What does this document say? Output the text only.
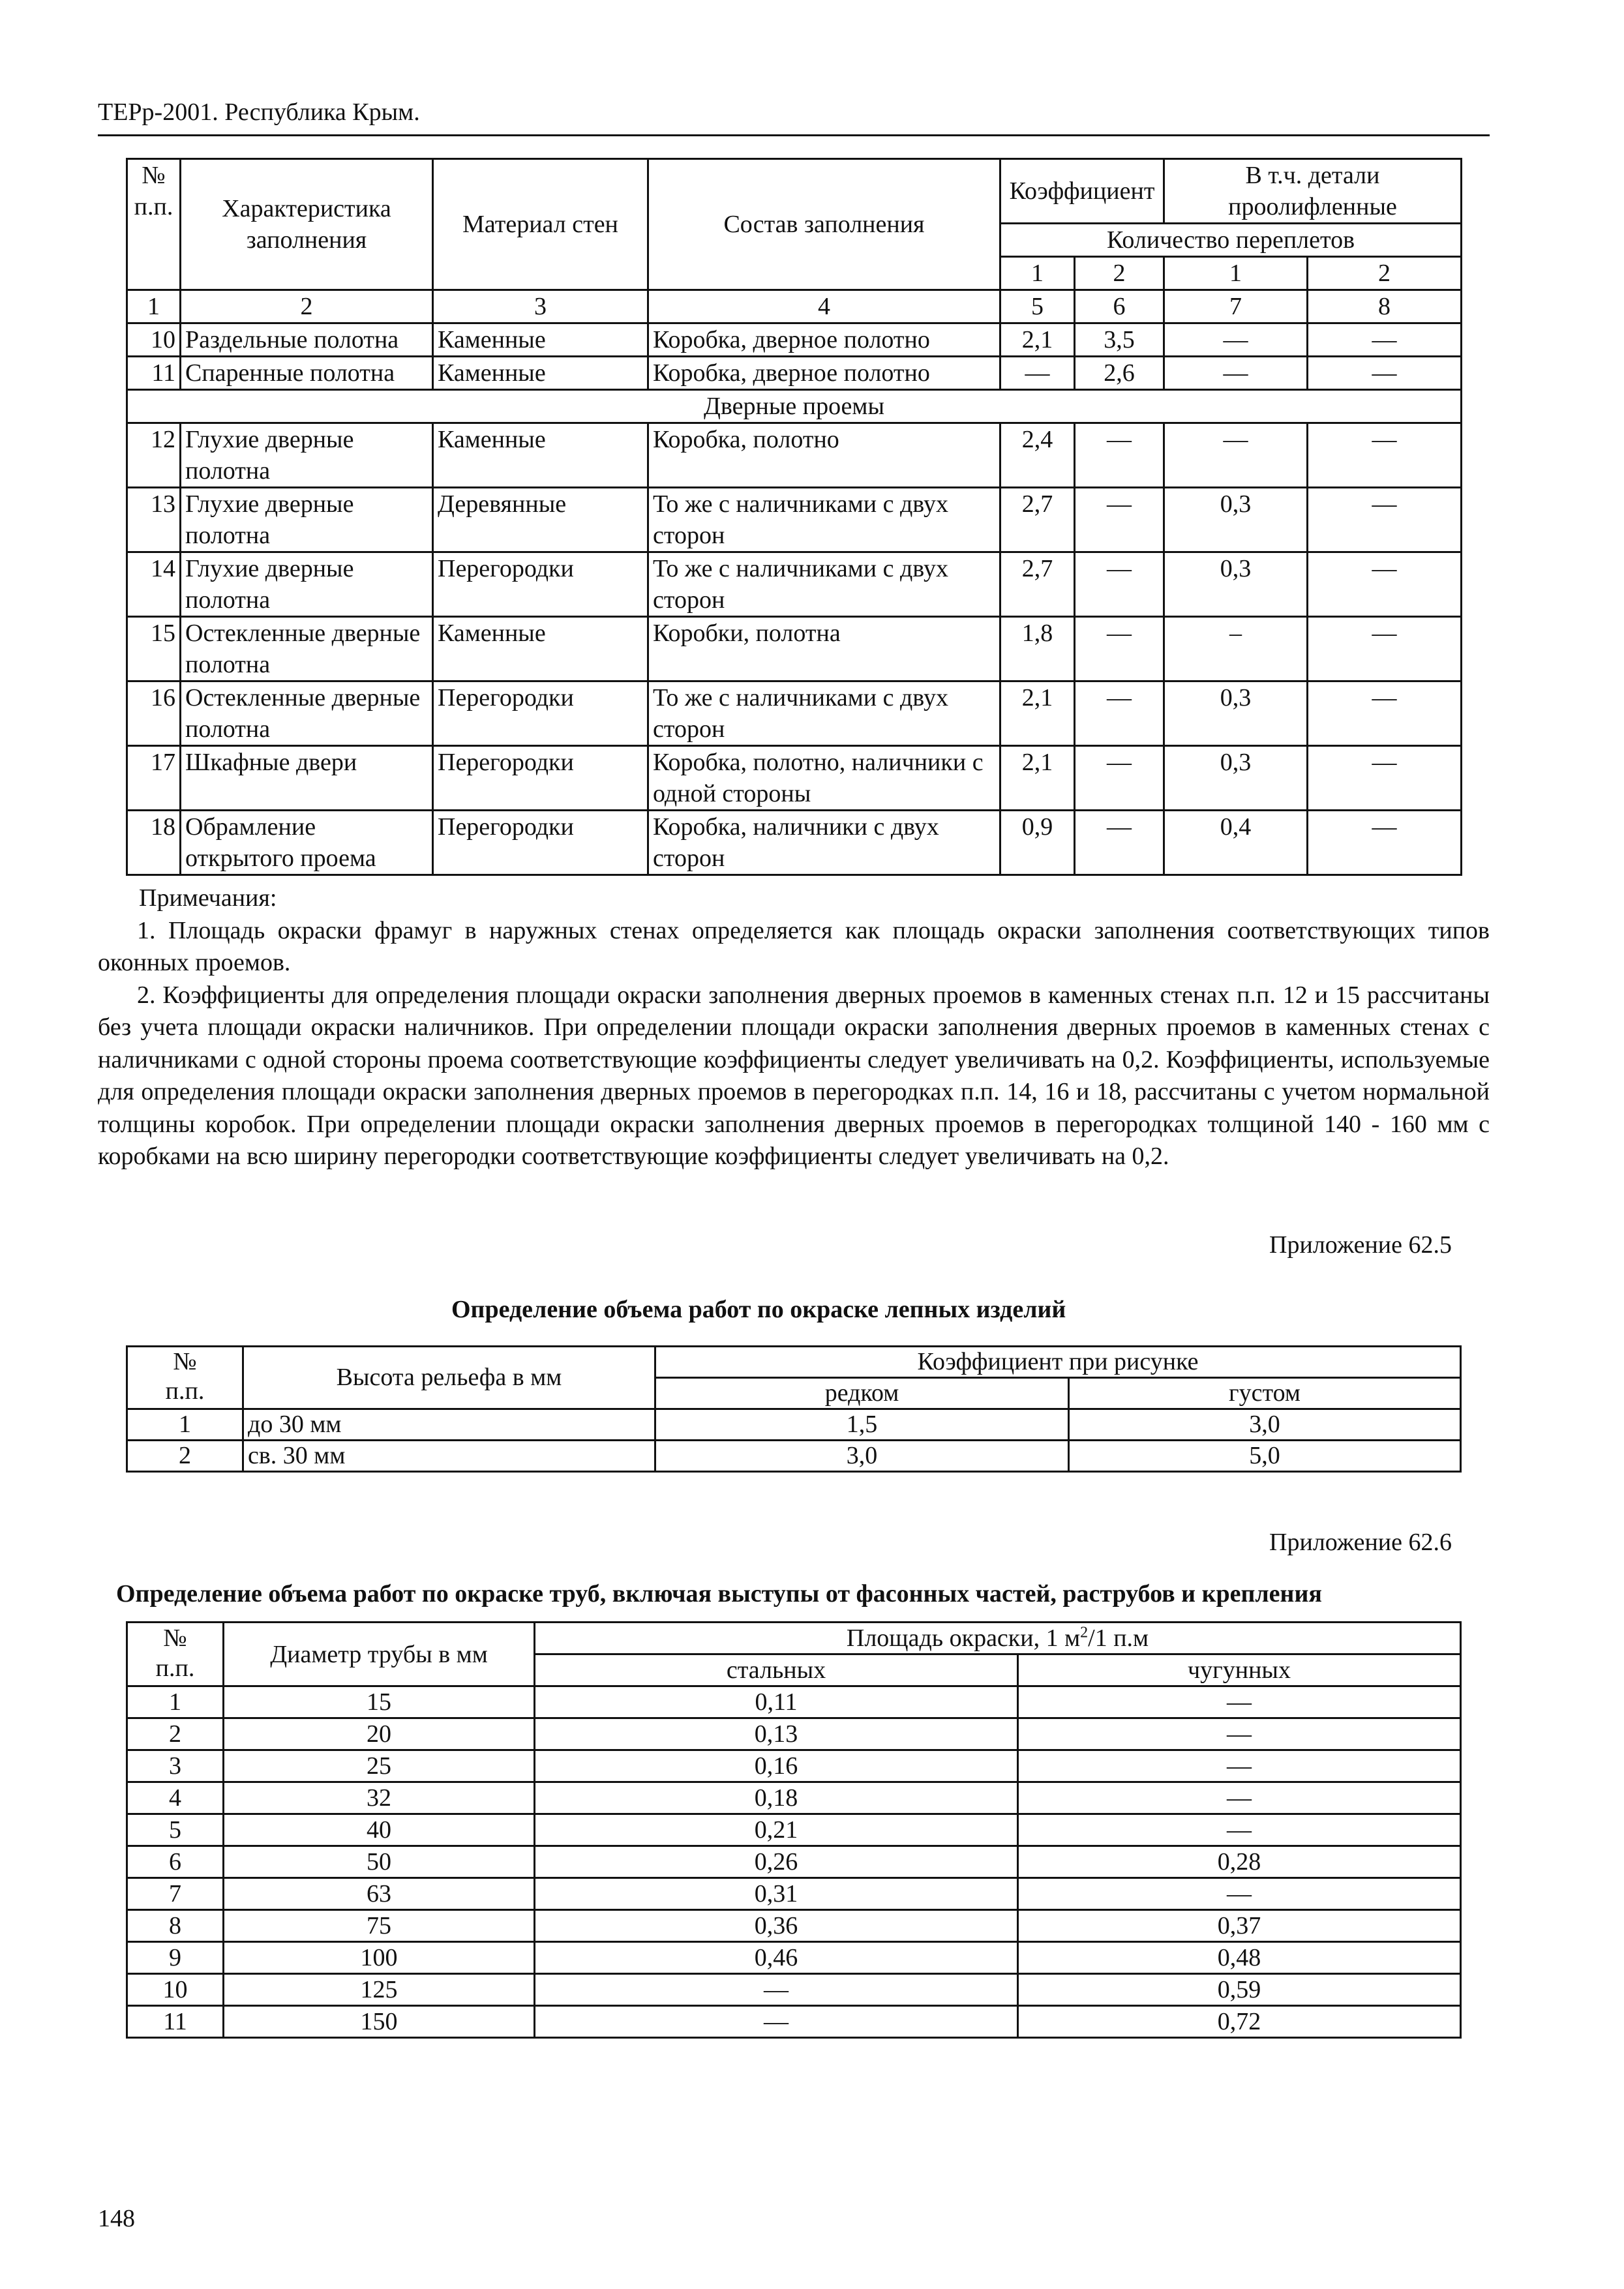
ТЕРр-2001. Республика Крым.
№ п.п.	Характеристика заполнения	Материал стен	Состав заполнения	Коэффициент		В т.ч. детали проолифленные	
				Количество переплетов			
				1	2	1	2
1	2	3	4	5	6	7	8
10	Раздельные полотна	Каменные	Коробка, дверное полотно	2,1	3,5	—	—
11	Спаренные полотна	Каменные	Коробка, дверное полотно	—	2,6	—	—
Дверные проемы							
12	Глухие дверные полотна	Каменные	Коробка, полотно	2,4	—	—	—
13	Глухие дверные полотна	Деревянные	То же с наличниками с двух сторон	2,7	—	0,3	—
14	Глухие дверные полотна	Перегородки	То же с наличниками с двух сторон	2,7	—	0,3	—
15	Остекленные дверные полотна	Каменные	Коробки, полотна	1,8	—	–	—
16	Остекленные дверные полотна	Перегородки	То же с наличниками с двух сторон	2,1	—	0,3	—
17	Шкафные двери	Перегородки	Коробка, полотно, наличники с одной стороны	2,1	—	0,3	—
18	Обрамление открытого проема	Перегородки	Коробка, наличники с двух сторон	0,9	—	0,4	—

Примечания:

1. Площадь окраски фрамуг в наружных стенах определяется как площадь окраски заполнения соответствующих типов оконных проемов.

2. Коэффициенты для определения площади окраски заполнения дверных проемов в каменных стенах п.п. 12 и 15 рассчитаны без учета площади окраски наличников. При определении площади окраски заполнения дверных проемов в каменных стенах с наличниками с одной стороны проема соответствующие коэффициенты следует увеличивать на 0,2. Коэффициенты, используемые для определения площади окраски заполнения дверных проемов в перегородках п.п. 14, 16 и 18, рассчитаны с учетом нормальной толщины коробок. При определении площади окраски заполнения дверных проемов в перегородках толщиной 140 - 160 мм с коробками на всю ширину перегородки соответствующие коэффициенты следует увеличивать на 0,2.

Приложение 62.5
Определение объема работ по окраске лепных изделий
№ п.п.	Высота рельефа в мм	Коэффициент при рисунке	
		редком	густом
1	до 30 мм	1,5	3,0
2	св. 30 мм	3,0	5,0
Приложение 62.6
Определение объема работ по окраске труб, включая выступы от фасонных частей, раструбов и крепления
№ п.п.	Диаметр трубы в мм	Площадь окраски, 1 $м^2/1$ п.м	
		стальных	чугунных
1	15	0,11	—
2	20	0,13	—
3	25	0,16	—
4	32	0,18	—
5	40	0,21	—
6	50	0,26	0,28
7	63	0,31	—
8	75	0,36	0,37
9	100	0,46	0,48
10	125	—	0,59
11	150	—	0,72
148
